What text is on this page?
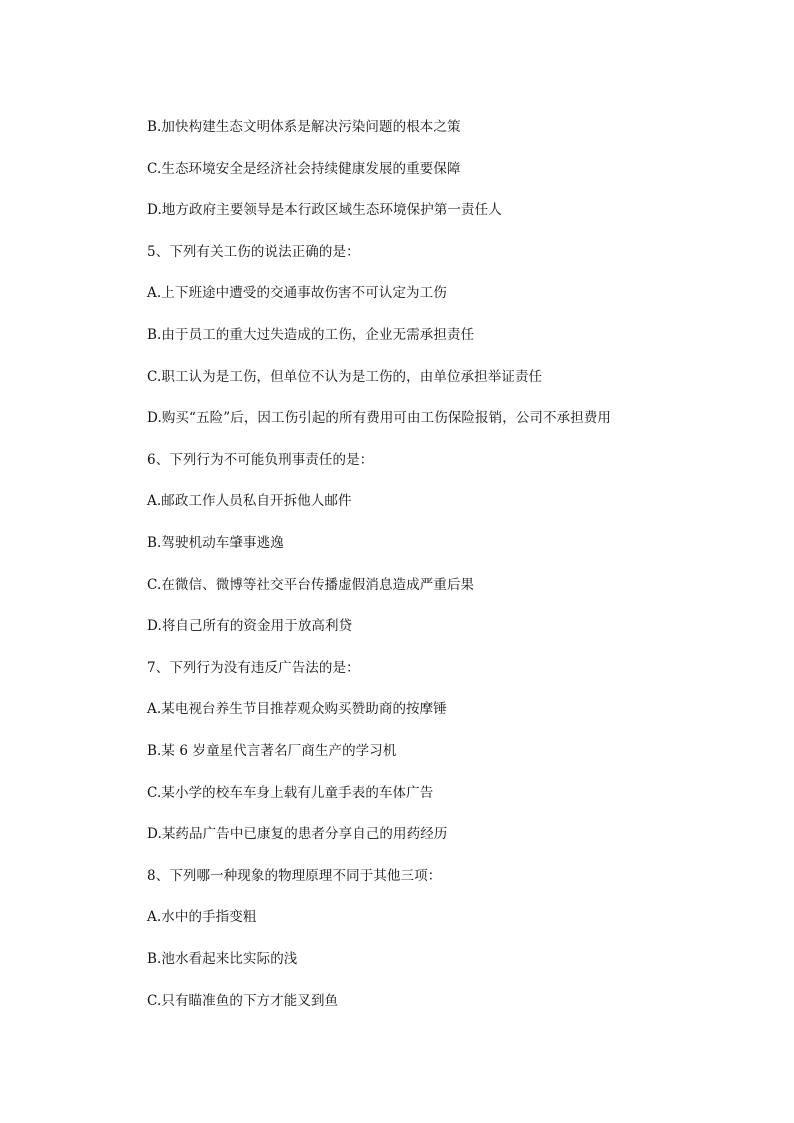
B.加快构建生态文明体系是解决污染问题的根本之策
C.生态环境安全是经济社会持续健康发展的重要保障
D.地方政府主要领导是本行政区域生态环境保护第一责任人
5、下列有关工伤的说法正确的是：
A.上下班途中遭受的交通事故伤害不可认定为工伤
B.由于员工的重大过失造成的工伤，企业无需承担责任
C.职工认为是工伤，但单位不认为是工伤的，由单位承担举证责任
D.购买“五险”后，因工伤引起的所有费用可由工伤保险报销，公司不承担费用
6、下列行为不可能负刑事责任的是：
A.邮政工作人员私自开拆他人邮件
B.驾驶机动车肇事逃逸
C.在微信、微博等社交平台传播虚假消息造成严重后果
D.将自己所有的资金用于放高利贷
7、下列行为没有违反广告法的是：
A.某电视台养生节目推荐观众购买赞助商的按摩锤
B.某 6 岁童星代言著名厂商生产的学习机
C.某小学的校车车身上载有儿童手表的车体广告
D.某药品广告中已康复的患者分享自己的用药经历
8、下列哪一种现象的物理原理不同于其他三项：
A.水中的手指变粗
B.池水看起来比实际的浅
C.只有瞄准鱼的下方才能叉到鱼
